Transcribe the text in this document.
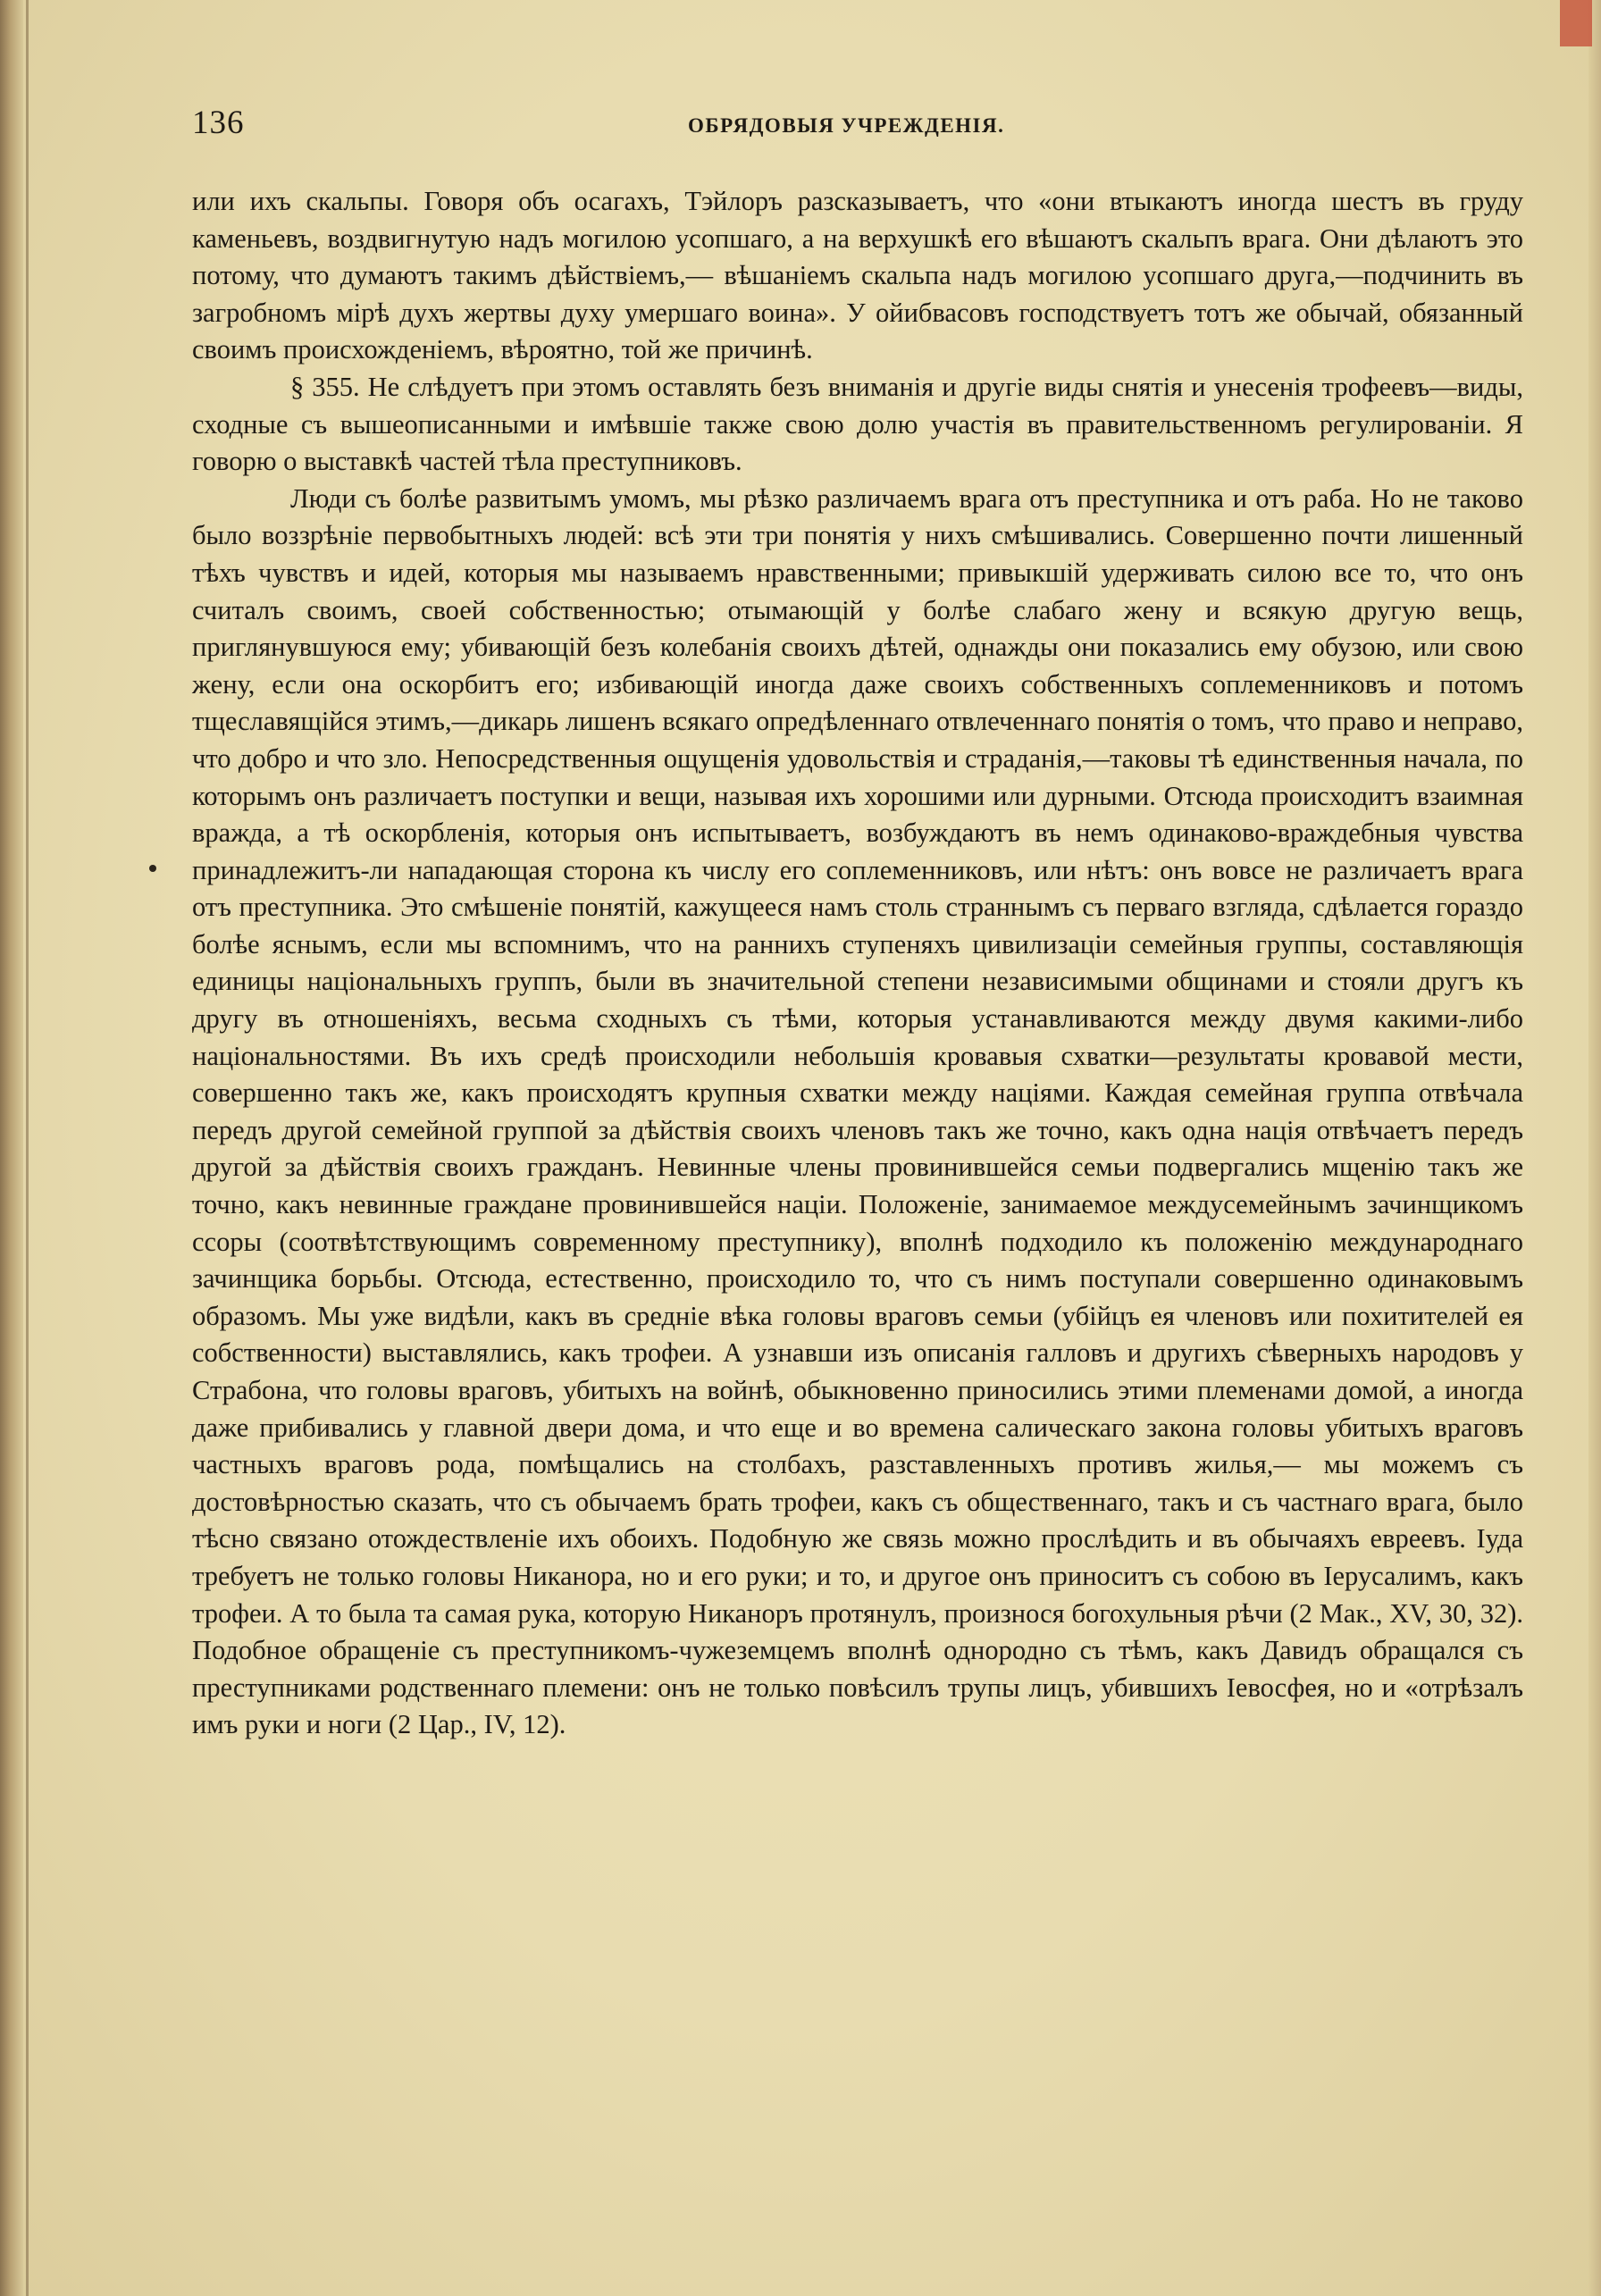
136	ОБРЯДОВЫЯ УЧРЕЖДЕНІЯ.

или ихъ скальпы. Говоря объ осагахъ, Тэйлоръ разсказываетъ, что «они втыкаютъ иногда шестъ въ груду каменьевъ, воздвигнутую надъ могилою усопшаго, а на верхушкѣ его вѣшаютъ скальпъ врага. Они дѣлаютъ это потому, что думаютъ такимъ дѣйствіемъ,— вѣшаніемъ скальпа надъ могилою усопшаго друга,—подчинить въ загробномъ мірѣ духъ жертвы духу умершаго воина». У ойибвасовъ господствуетъ тотъ же обычай, обязанный своимъ происхожденіемъ, вѣроятно, той же причинѣ.

§ 355. Не слѣдуетъ при этомъ оставлять безъ вниманія и другіе виды снятія и унесенія трофеевъ—виды, сходные съ вышеописанными и имѣвшіе также свою долю участія въ правительственномъ регулированіи. Я говорю о выставкѣ частей тѣла преступниковъ.

Люди съ болѣе развитымъ умомъ, мы рѣзко различаемъ врага отъ преступника и отъ раба. Но не таково было воззрѣніе первобытныхъ людей: всѣ эти три понятія у нихъ смѣшивались. Совершенно почти лишенный тѣхъ чувствъ и идей, которыя мы называемъ нравственными; привыкшій удерживать силою все то, что онъ считалъ своимъ, своей собственностью; отымающій у болѣе слабаго жену и всякую другую вещь, приглянувшуюся ему; убивающій безъ колебанія своихъ дѣтей, однажды они показались ему обузою, или свою жену, если она оскорбитъ его; избивающій иногда даже своихъ собственныхъ соплеменниковъ и потомъ тщеславящійся этимъ,—дикарь лишенъ всякаго опредѣленнаго отвлеченнаго понятія о томъ, что право и неправо, что добро и что зло. Непосредственныя ощущенія удовольствія и страданія,—таковы тѣ единственныя начала, по которымъ онъ различаетъ поступки и вещи, называя ихъ хорошими или дурными. Отсюда происходитъ взаимная вражда, а тѣ оскорбленія, которыя онъ испытываетъ, возбуждаютъ въ немъ одинаково-враждебныя чувства принадлежитъ-ли нападающая сторона къ числу его соплеменниковъ, или нѣтъ: онъ вовсе не различаетъ врага отъ преступника. Это смѣшеніе понятій, кажущееся намъ столь страннымъ съ перваго взгляда, сдѣлается гораздо болѣе яснымъ, если мы вспомнимъ, что на раннихъ ступеняхъ цивилизаціи семейныя группы, составляющія единицы національныхъ группъ, были въ значительной степени независимыми общинами и стояли другъ къ другу въ отношеніяхъ, весьма сходныхъ съ тѣми, которыя устанавливаются между двумя какими-либо національностями. Въ ихъ средѣ происходили небольшія кровавыя схватки—результаты кровавой мести, совершенно такъ же, какъ происходятъ крупныя схватки между націями. Каждая семейная группа отвѣчала передъ другой семейной группой за дѣйствія своихъ членовъ такъ же точно, какъ одна нація отвѣчаетъ передъ другой за дѣйствія своихъ гражданъ. Невинные члены провинившейся семьи подвергались мщенію такъ же точно, какъ невинные граждане провинившейся націи. Положеніе, занимаемое междусемейнымъ зачинщикомъ ссоры (соотвѣтствующимъ современному преступнику), вполнѣ подходило къ положенію международнаго зачинщика борьбы. Отсюда, естественно, происходило то, что съ нимъ поступали совершенно одинаковымъ образомъ. Мы уже видѣли, какъ въ средніе вѣка головы враговъ семьи (убійцъ ея членовъ или похитителей ея собственности) выставлялись, какъ трофеи. А узнавши изъ описанія галловъ и другихъ сѣверныхъ народовъ у Страбона, что головы враговъ, убитыхъ на войнѣ, обыкновенно приносились этими племенами домой, а иногда даже прибивались у главной двери дома, и что еще и во времена салическаго закона головы убитыхъ враговъ частныхъ враговъ рода, помѣщались на столбахъ, разставленныхъ противъ жилья,— мы можемъ съ достовѣрностью сказать, что съ обычаемъ брать трофеи, какъ съ общественнаго, такъ и съ частнаго врага, было тѣсно связано отождествленіе ихъ обоихъ. Подобную же связь можно прослѣдить и въ обычаяхъ евреевъ. Іуда требуетъ не только головы Никанора, но и его руки; и то, и другое онъ приноситъ съ собою въ Іерусалимъ, какъ трофеи. А то была та самая рука, которую Никаноръ протянулъ, произнося богохульныя рѣчи (2 Мак., XV, 30, 32). Подобное обращеніе съ преступникомъ-чужеземцемъ вполнѣ однородно съ тѣмъ, какъ Давидъ обращался съ преступниками родственнаго племени: онъ не только повѣсилъ трупы лицъ, убившихъ Іевосфея, но и «отрѣзалъ имъ руки и ноги (2 Цар., IV, 12).
